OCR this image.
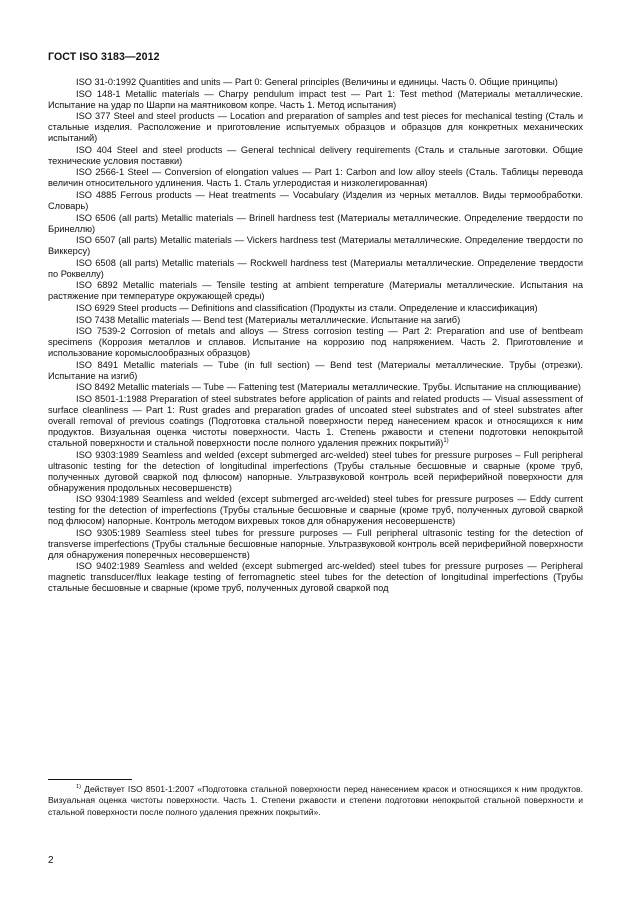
ГОСТ ISO 3183—2012

ISO 31-0:1992 Quantities and units — Part 0: General principles (Величины и единицы. Часть 0. Общие принципы)

ISO 148-1 Metallic materials — Charpy pendulum impact test — Part 1: Test method (Материалы металлические. Испытание на удар по Шарпи на маятниковом копре. Часть 1. Метод испытания)

ISO 377 Steel and steel products — Location and preparation of samples and test pieces for mechanical testing (Сталь и стальные изделия. Расположение и приготовление испытуемых образцов и образцов для конкретных механических испытаний)

ISO 404 Steel and steel products — General technical delivery requirements (Сталь и стальные заготовки. Общие технические условия поставки)

ISO 2566-1 Steel — Conversion of elongation values — Part 1: Carbon and low alloy steels (Сталь. Таблицы перевода величин относительного удлинения. Часть 1. Сталь углеродистая и низколегированная)

ISO 4885 Ferrous products — Heat treatments — Vocabulary (Изделия из черных металлов. Виды термообработки. Словарь)

ISO 6506 (all parts) Metallic materials — Brinell hardness test (Материалы металлические. Определение твердости по Бринеллю)

ISO 6507 (all parts) Metallic materials — Vickers hardness test (Материалы металлические. Определение твердости по Виккерсу)

ISO 6508 (all parts) Metallic materials — Rockwell hardness test (Материалы металлические. Определение твердости по Роквеллу)

ISO 6892 Metallic materials — Tensile testing at ambient temperature (Материалы металлические. Испытания на растяжение при температуре окружающей среды)

ISO 6929 Steel products — Definitions and classification (Продукты из стали. Определение и классификация)

ISO 7438 Metallic materials — Bend test (Материалы металлические. Испытание на загиб)

ISO 7539-2 Corrosion of metals and alloys — Stress corrosion testing — Part 2: Preparation and use of bentbeam specimens (Коррозия металлов и сплавов. Испытание на коррозию под напряжением. Часть 2. Приготовление и использование коромыслообразных образцов)

ISO 8491 Metallic materials — Tube (in full section) — Bend test (Материалы металлические. Трубы (отрезки). Испытание на изгиб)

ISO 8492 Metallic materials — Tube — Fattening test (Материалы металлические. Трубы. Испытание на сплющивание)

ISO 8501-1:1988 Preparation of steel substrates before application of paints and related products — Visual assessment of surface cleanliness — Part 1: Rust grades and preparation grades of uncoated steel substrates and of steel substrates after overall removal of previous coatings (Подготовка стальной поверхности перед нанесением красок и относящихся к ним продуктов. Визуальная оценка чистоты поверхности. Часть 1. Степень ржавости и степени подготовки непокрытой стальной поверхности и стальной поверхности после полного удаления прежних покрытий)$^{1)}$

ISO 9303:1989 Seamless and welded (except submerged arc-welded) steel tubes for pressure purposes – Full peripheral ultrasonic testing for the detection of longitudinal imperfections (Трубы стальные бесшовные и сварные (кроме труб, полученных дуговой сваркой под флюсом) напорные. Ультразвуковой контроль всей периферийной поверхности для обнаружения продольных несовершенств)

ISO 9304:1989 Seamless and welded (except submerged arc-welded) steel tubes for pressure purposes — Eddy current testing for the detection of imperfections (Трубы стальные бесшовные и сварные (кроме труб, полученных дуговой сваркой под флюсом) напорные. Контроль методом вихревых токов для обнаружения несовершенств)

ISO 9305:1989 Seamless steel tubes for pressure purposes — Full peripheral ultrasonic testing for the detection of transverse imperfections (Трубы стальные бесшовные напорные. Ультразвуковой контроль всей периферийной поверхности для обнаружения поперечных несовершенств)

ISO 9402:1989 Seamless and welded (except submerged arc-welded) steel tubes for pressure purposes — Peripheral magnetic transducer/flux leakage testing of ferromagnetic steel tubes for the detection of longitudinal imperfections (Трубы стальные бесшовные и сварные (кроме труб, полученных дуговой сваркой под

$^{1)}$ Действует ISO 8501-1:2007 «Подготовка стальной поверхности перед нанесением красок и относящихся к ним продуктов. Визуальная оценка чистоты поверхности. Часть 1. Степени ржавости и степени подготовки непокрытой стальной поверхности и стальной поверхности после полного удаления прежних покрытий».
2
